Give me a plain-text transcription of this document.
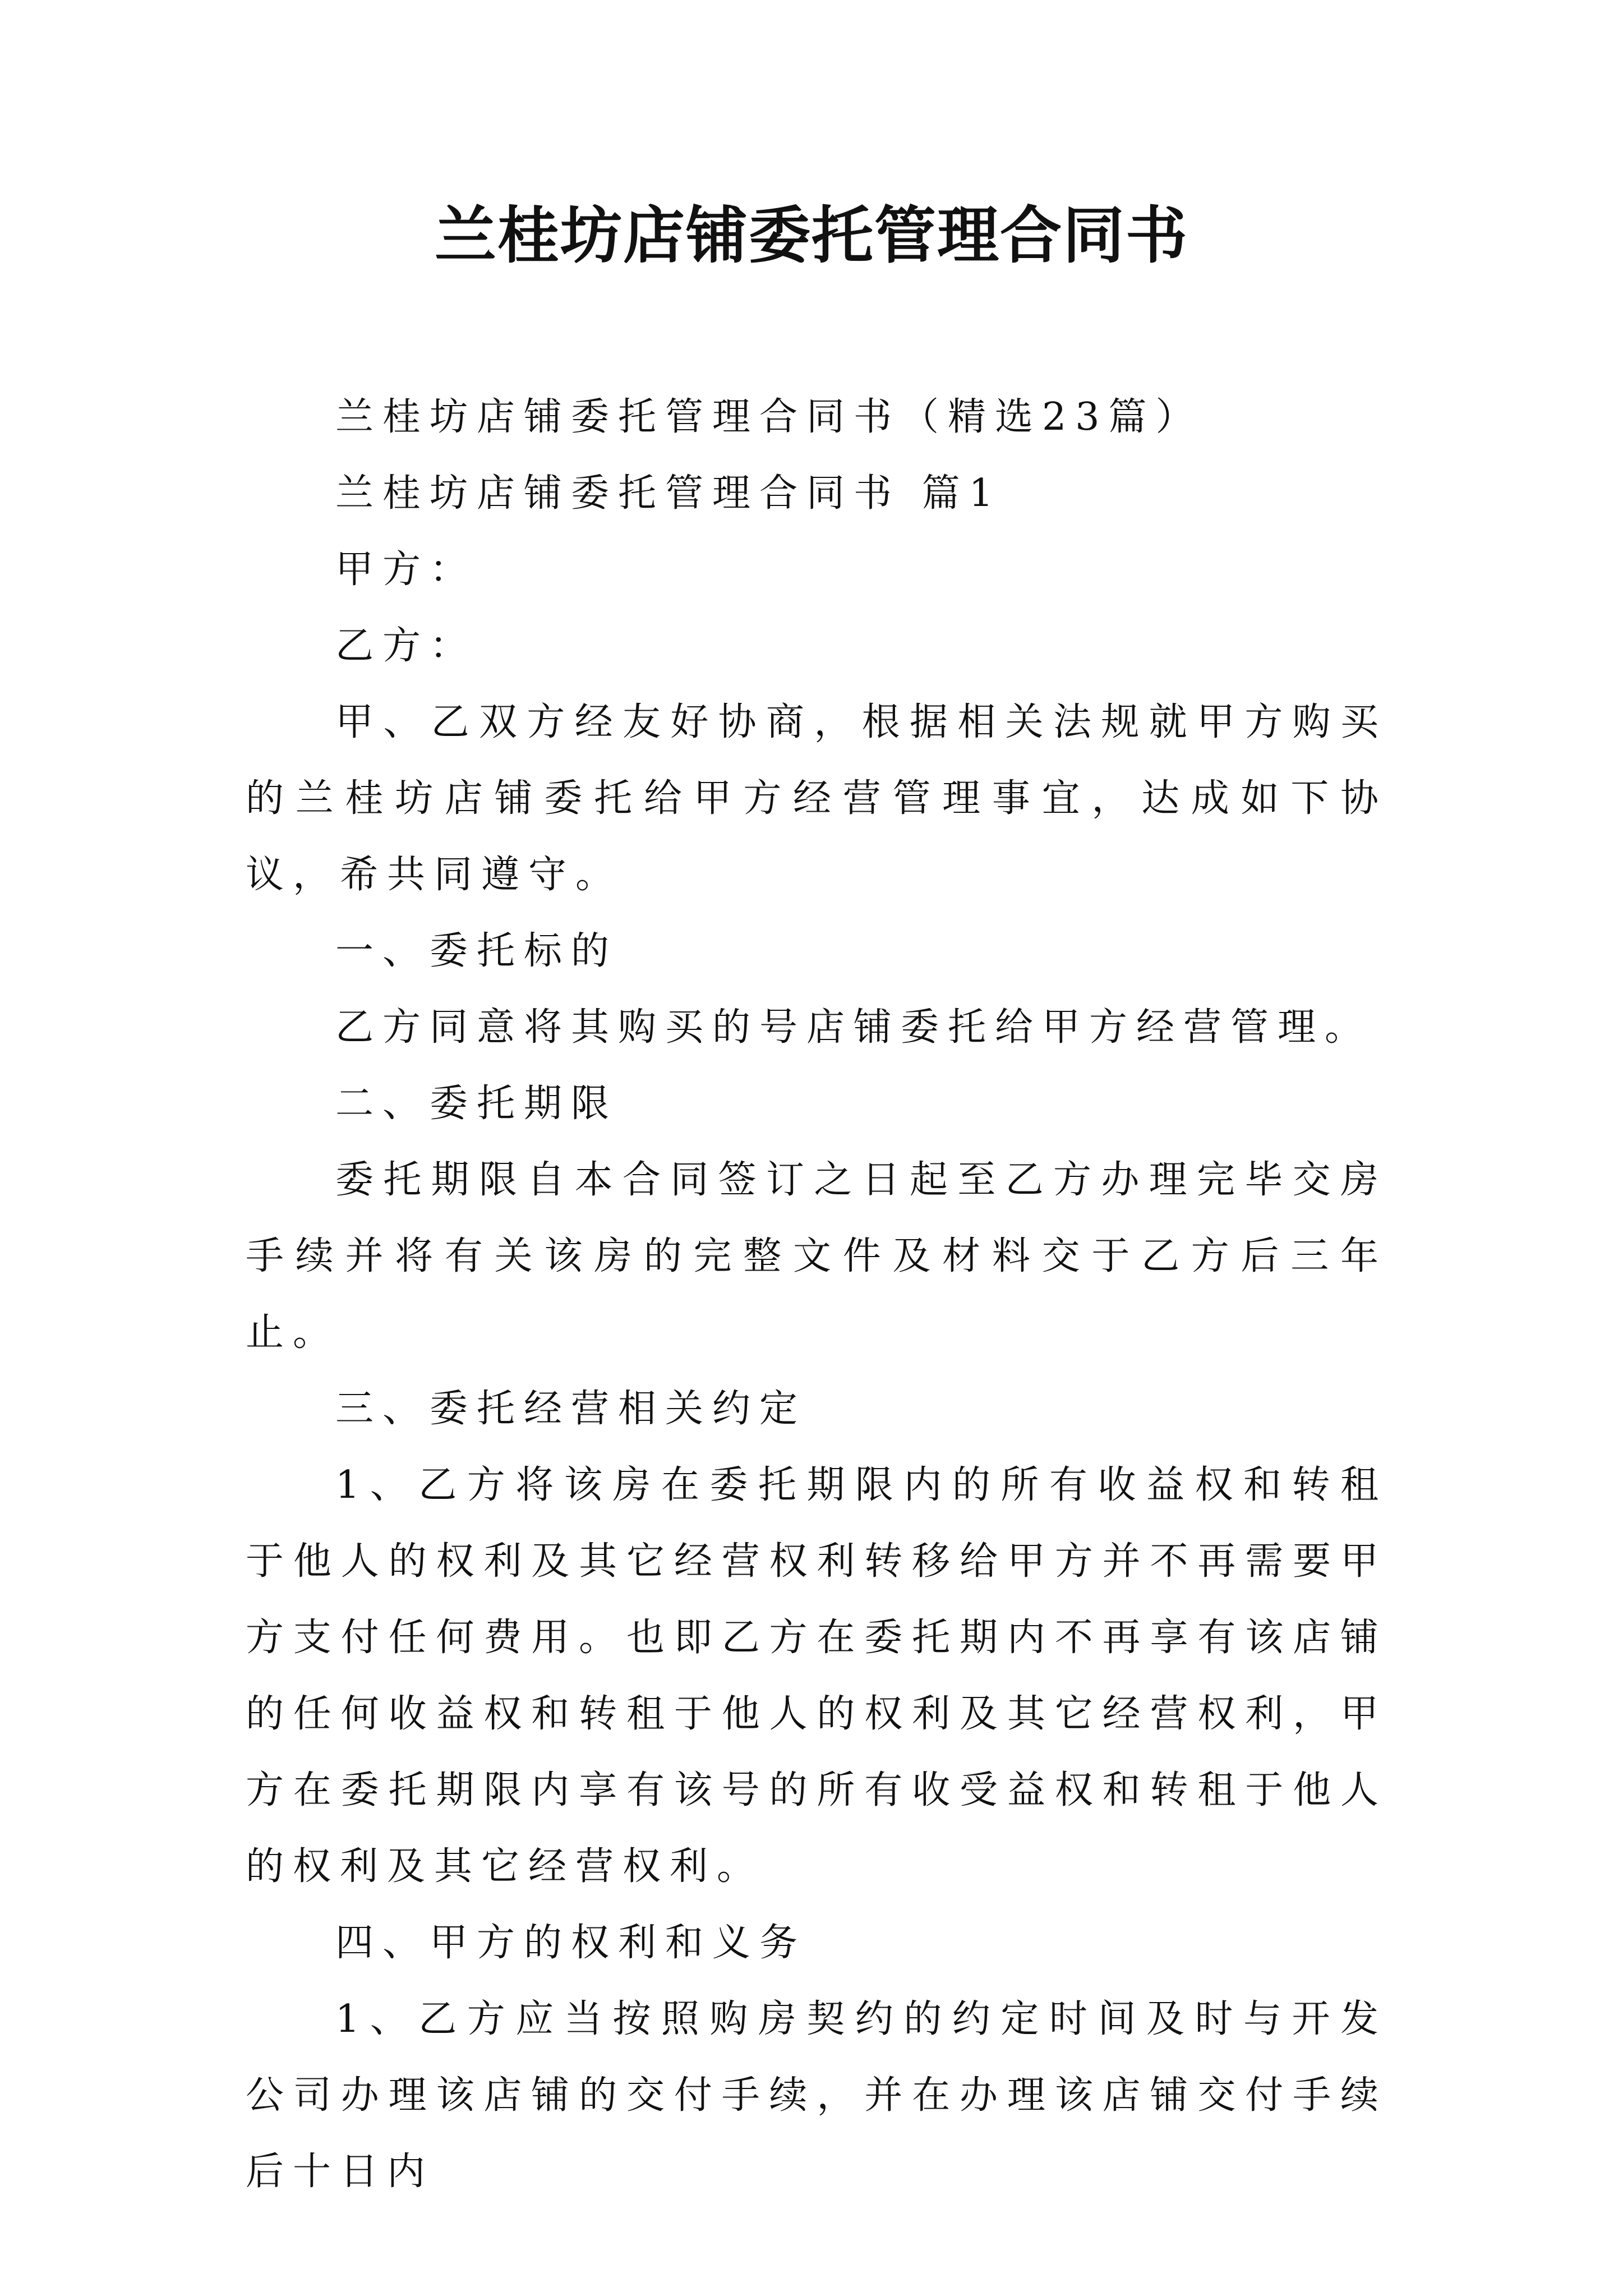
兰桂坊店铺委托管理合同书

兰桂坊店铺委托管理合同书（精选23篇）

兰桂坊店铺委托管理合同书 篇1

甲方：

乙方：

甲、乙双方经友好协商，根据相关法规就甲方购买的兰桂坊店铺委托给甲方经营管理事宜，达成如下协议，希共同遵守。

一、委托标的

乙方同意将其购买的号店铺委托给甲方经营管理。

二、委托期限

委托期限自本合同签订之日起至乙方办理完毕交房手续并将有关该房的完整文件及材料交于乙方后三年止。

三、委托经营相关约定

1、乙方将该房在委托期限内的所有收益权和转租于他人的权利及其它经营权利转移给甲方并不再需要甲方支付任何费用。也即乙方在委托期内不再享有该店铺的任何收益权和转租于他人的权利及其它经营权利，甲方在委托期限内享有该号的所有收受益权和转租于他人的权利及其它经营权利。

四、甲方的权利和义务

1、乙方应当按照购房契约的约定时间及时与开发公司办理该店铺的交付手续，并在办理该店铺交付手续后十日内
